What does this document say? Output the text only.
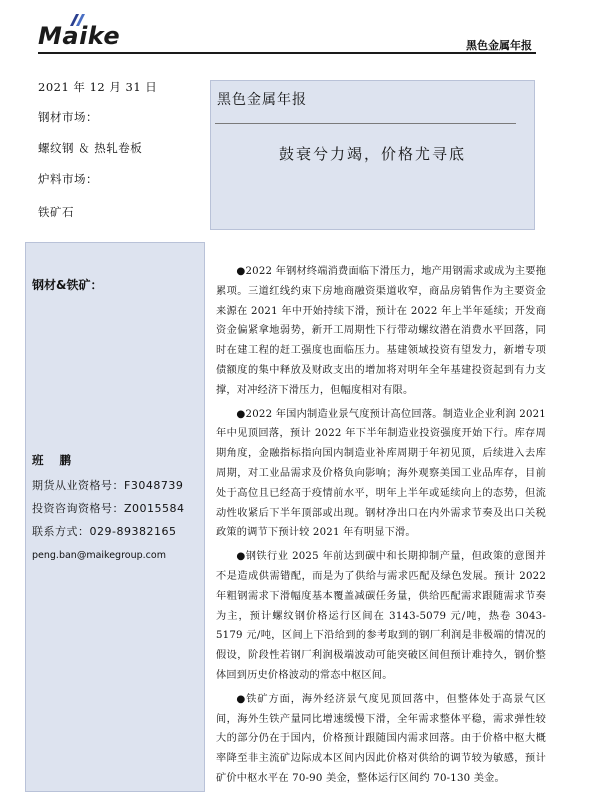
Maike	黑色金属年报
2021 年 12 月 31 日
钢材市场：
螺纹钢 ＆ 热轧卷板
炉料市场：
铁矿石
黑色金属年报
鼓衰兮力竭，价格尤寻底
钢材&铁矿：
班 鹏
期货从业资格号：F3048739
投资咨询资格号：Z0015584
联系方式：029-89382165
peng.ban@maikegroup.com

●2022 年钢材终端消费面临下滑压力，地产用钢需求或成为主要拖累项。三道红线约束下房地商融资渠道收窄，商品房销售作为主要资金来源在 2021 年中开始持续下滑，预计在 2022 年上半年延续；开发商资金偏紧拿地弱势，新开工周期性下行带动螺纹潜在消费水平回落，同时在建工程的赶工强度也面临压力。基建领域投资有望发力，新增专项债额度的集中释放及财政支出的增加将对明年全年基建投资起到有力支撑，对冲经济下滑压力，但幅度相对有限。

●2022 年国内制造业景气度预计高位回落。制造业企业利润 2021 年中见顶回落，预计 2022 年下半年制造业投资强度开始下行。库存周期角度，金融指标指向国内制造业补库周期于年初见顶，后续进入去库周期，对工业品需求及价格负向影响；海外观察美国工业品库存，目前处于高位且已经高于疫情前水平，明年上半年或延续向上的态势，但流动性收紧后下半年顶部或出现。钢材净出口在内外需求节奏及出口关税政策的调节下预计较 2021 年有明显下滑。

●钢铁行业 2025 年前达到碳中和长期抑制产量，但政策的意图并不是造成供需错配，而是为了供给与需求匹配及绿色发展。预计 2022 年粗钢需求下滑幅度基本覆盖减碳任务量，供给匹配需求跟随需求节奏为主，预计螺纹钢价格运行区间在 3143-5079 元/吨，热卷 3043-5179 元/吨，区间上下沿给到的参考取到的钢厂利润是非极端的情况的假设，阶段性若钢厂利润极端波动可能突破区间但预计难持久，钢价整体回到历史价格波动的常态中枢区间。

●铁矿方面，海外经济景气度见顶回落中，但整体处于高景气区间，海外生铁产量同比增速缓慢下滑，全年需求整体平稳，需求弹性较大的部分仍在于国内，价格预计跟随国内需求回落。由于价格中枢大概率降至非主流矿边际成本区间内因此价格对供给的调节较为敏感，预计矿价中枢水平在 70-90 美金，整体运行区间约 70-130 美金。
